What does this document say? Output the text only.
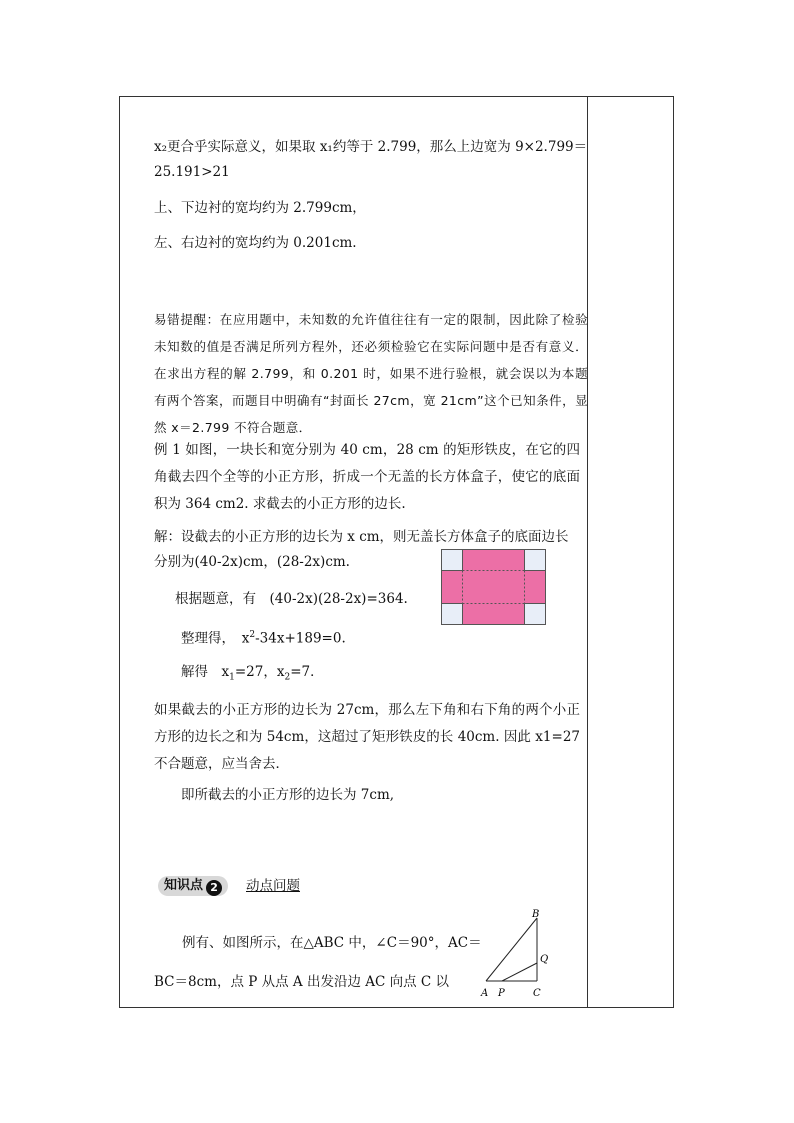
x₂更合乎实际意义，如果取 x₁约等于 2.799，那么上边宽为 9×2.799＝
25.191>21
上、下边衬的宽均约为 2.799cm，
左、右边衬的宽均约为 0.201cm.
易错提醒：在应用题中，未知数的允许值往往有一定的限制，因此除了检验未知数的值是否满足所列方程外，还必须检验它在实际问题中是否有意义．在求出方程的解 2.799，和 0.201 时，如果不进行验根，就会误以为本题有两个答案，而题目中明确有“封面长 27cm，宽 21cm”这个已知条件，显然 x＝2.799 不符合题意．
例 1 如图，一块长和宽分别为 40 cm，28 cm 的矩形铁皮，在它的四角截去四个全等的小正方形，折成一个无盖的长方体盒子，使它的底面积为 364 cm2. 求截去的小正方形的边长.
解：设截去的小正方形的边长为 x cm，则无盖长方体盒子的底面边长
分别为(40-2x)cm，(28-2x)cm.
根据题意，有　(40-2x)(28-2x)=364.
整理得，　$x^2-34x+189=0$.
解得　$x_1=27$，$x_2=7$．
如果截去的小正方形的边长为 27cm，那么左下角和右下角的两个小正方形的边长之和为 54cm，这超过了矩形铁皮的长 40cm. 因此 x1=27 不合题意，应当舍去．
即所截去的小正方形的边长为 7cm,
知识点 2	动点问题
例有、如图所示，在△ABC 中，∠C＝90°，AC＝
BC＝8cm，点 P 从点 A 出发沿边 AC 向点 C 以
B
Q
A P	C
